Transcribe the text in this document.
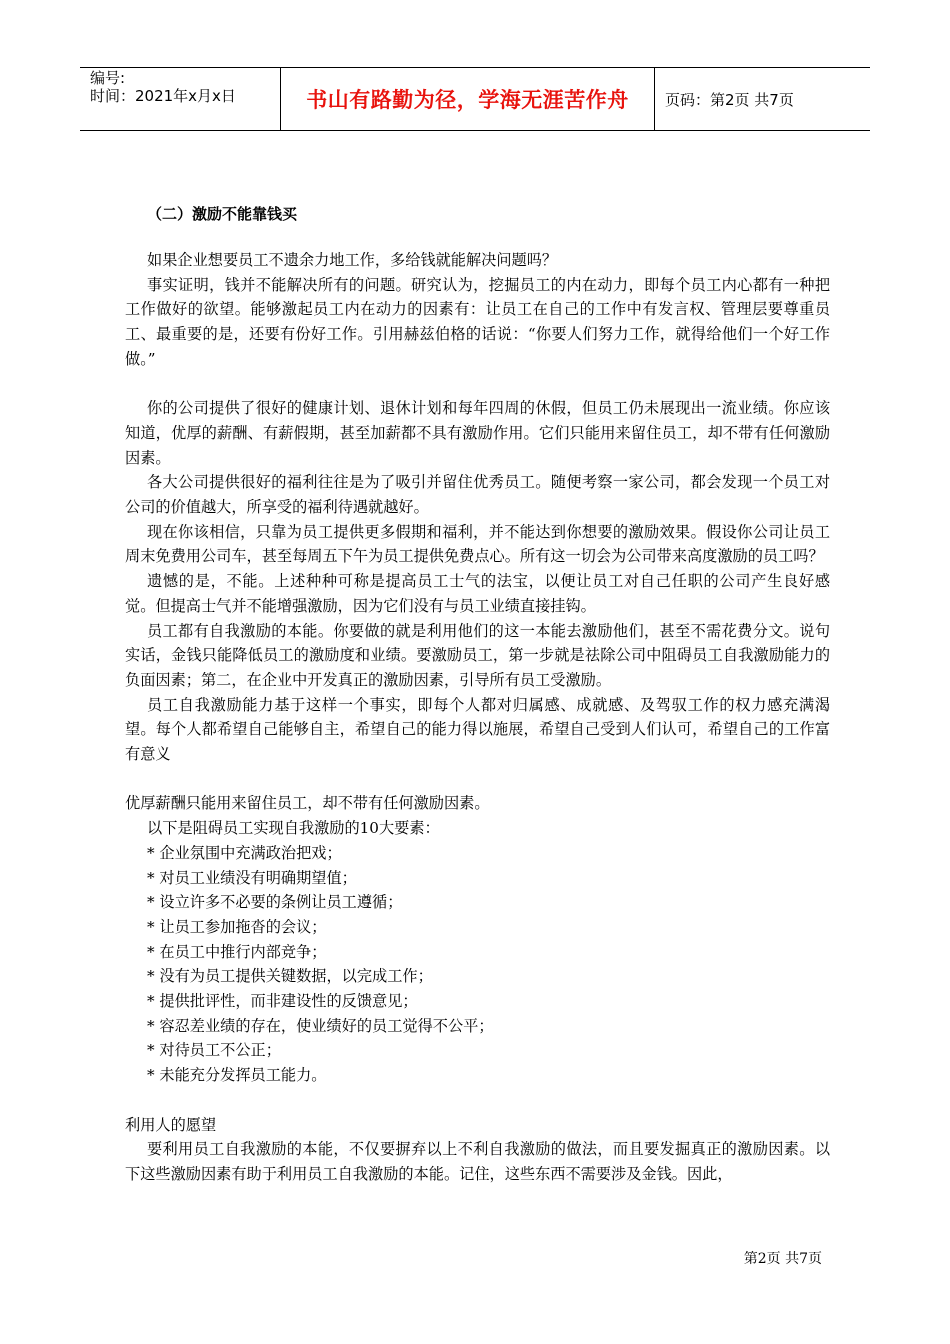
编号:
时间：2021年x月x日	书山有路勤为径，学海无涯苦作舟	页码：第2页 共7页
（二）激励不能靠钱买

如果企业想要员工不遗余力地工作，多给钱就能解决问题吗？

事实证明，钱并不能解决所有的问题。研究认为，挖掘员工的内在动力，即每个员工内心都有一种把工作做好的欲望。能够激起员工内在动力的因素有：让员工在自己的工作中有发言权、管理层要尊重员工、最重要的是，还要有份好工作。引用赫兹伯格的话说：“你要人们努力工作，就得给他们一个好工作做。”

你的公司提供了很好的健康计划、退休计划和每年四周的休假，但员工仍未展现出一流业绩。你应该知道，优厚的薪酬、有薪假期，甚至加薪都不具有激励作用。它们只能用来留住员工，却不带有任何激励因素。

各大公司提供很好的福利往往是为了吸引并留住优秀员工。随便考察一家公司，都会发现一个员工对公司的价值越大，所享受的福利待遇就越好。

现在你该相信，只靠为员工提供更多假期和福利，并不能达到你想要的激励效果。假设你公司让员工周末免费用公司车，甚至每周五下午为员工提供免费点心。所有这一切会为公司带来高度激励的员工吗？

遗憾的是，不能。上述种种可称是提高员工士气的法宝，以便让员工对自己任职的公司产生良好感觉。但提高士气并不能增强激励，因为它们没有与员工业绩直接挂钩。

员工都有自我激励的本能。你要做的就是利用他们的这一本能去激励他们，甚至不需花费分文。说句实话，金钱只能降低员工的激励度和业绩。要激励员工，第一步就是祛除公司中阻碍员工自我激励能力的负面因素；第二，在企业中开发真正的激励因素，引导所有员工受激励。

员工自我激励能力基于这样一个事实，即每个人都对归属感、成就感、及驾驭工作的权力感充满渴望。每个人都希望自己能够自主，希望自己的能力得以施展，希望自己受到人们认可，希望自己的工作富有意义

优厚薪酬只能用来留住员工，却不带有任何激励因素。

以下是阻碍员工实现自我激励的10大要素：

* 企业氛围中充满政治把戏；
* 对员工业绩没有明确期望值；
* 设立许多不必要的条例让员工遵循；
* 让员工参加拖沓的会议；
* 在员工中推行内部竞争；
* 没有为员工提供关键数据，以完成工作；
* 提供批评性，而非建设性的反馈意见；
* 容忍差业绩的存在，使业绩好的员工觉得不公平；
* 对待员工不公正；
* 未能充分发挥员工能力。

利用人的愿望

要利用员工自我激励的本能，不仅要摒弃以上不利自我激励的做法，而且要发掘真正的激励因素。以下这些激励因素有助于利用员工自我激励的本能。记住，这些东西不需要涉及金钱。因此，

第2页 共7页
